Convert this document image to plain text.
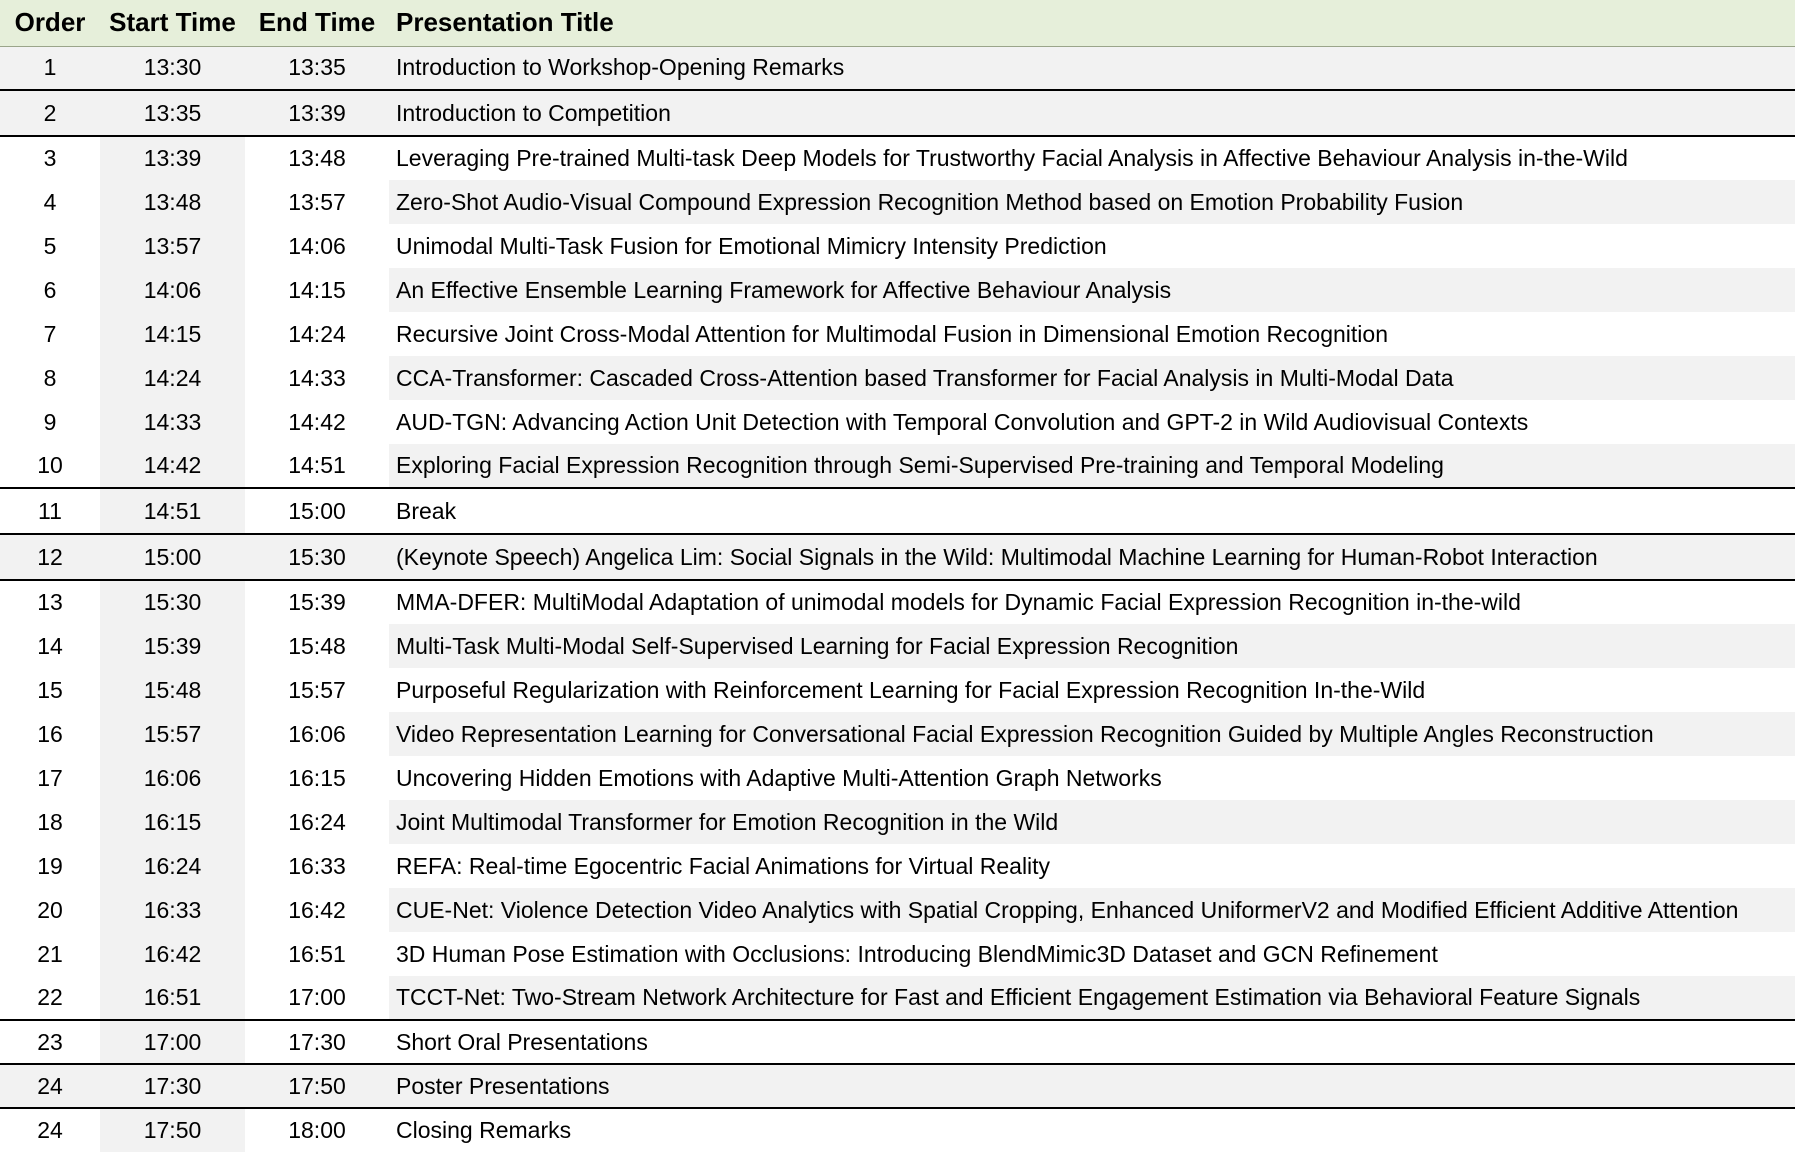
Order	Start Time	End Time	Presentation Title
1	13:30	13:35	Introduction to Workshop-Opening Remarks
2	13:35	13:39	Introduction to Competition
3	13:39	13:48	Leveraging Pre-trained Multi-task Deep Models for Trustworthy Facial Analysis in Affective Behaviour Analysis in-the-Wild
4	13:48	13:57	Zero-Shot Audio-Visual Compound Expression Recognition Method based on Emotion Probability Fusion
5	13:57	14:06	Unimodal Multi-Task Fusion for Emotional Mimicry Intensity Prediction
6	14:06	14:15	An Effective Ensemble Learning Framework for Affective Behaviour Analysis
7	14:15	14:24	Recursive Joint Cross-Modal Attention for Multimodal Fusion in Dimensional Emotion Recognition
8	14:24	14:33	CCA-Transformer: Cascaded Cross-Attention based Transformer for Facial Analysis in Multi-Modal Data
9	14:33	14:42	AUD-TGN: Advancing Action Unit Detection with Temporal Convolution and GPT-2 in Wild Audiovisual Contexts
10	14:42	14:51	Exploring Facial Expression Recognition through Semi-Supervised Pre-training and Temporal Modeling
11	14:51	15:00	Break
12	15:00	15:30	(Keynote Speech) Angelica Lim: Social Signals in the Wild: Multimodal Machine Learning for Human-Robot Interaction
13	15:30	15:39	MMA-DFER: MultiModal Adaptation of unimodal models for Dynamic Facial Expression Recognition in-the-wild
14	15:39	15:48	Multi-Task Multi-Modal Self-Supervised Learning for Facial Expression Recognition
15	15:48	15:57	Purposeful Regularization with Reinforcement Learning for Facial Expression Recognition In-the-Wild
16	15:57	16:06	Video Representation Learning for Conversational Facial Expression Recognition Guided by Multiple Angles Reconstruction
17	16:06	16:15	Uncovering Hidden Emotions with Adaptive Multi-Attention Graph Networks
18	16:15	16:24	Joint Multimodal Transformer for Emotion Recognition in the Wild
19	16:24	16:33	REFA: Real-time Egocentric Facial Animations for Virtual Reality
20	16:33	16:42	CUE-Net: Violence Detection Video Analytics with Spatial Cropping, Enhanced UniformerV2 and Modified Efficient Additive Attention
21	16:42	16:51	3D Human Pose Estimation with Occlusions: Introducing BlendMimic3D Dataset and GCN Refinement
22	16:51	17:00	TCCT-Net: Two-Stream Network Architecture for Fast and Efficient Engagement Estimation via Behavioral Feature Signals
23	17:00	17:30	Short Oral Presentations
24	17:30	17:50	Poster Presentations
24	17:50	18:00	Closing Remarks
